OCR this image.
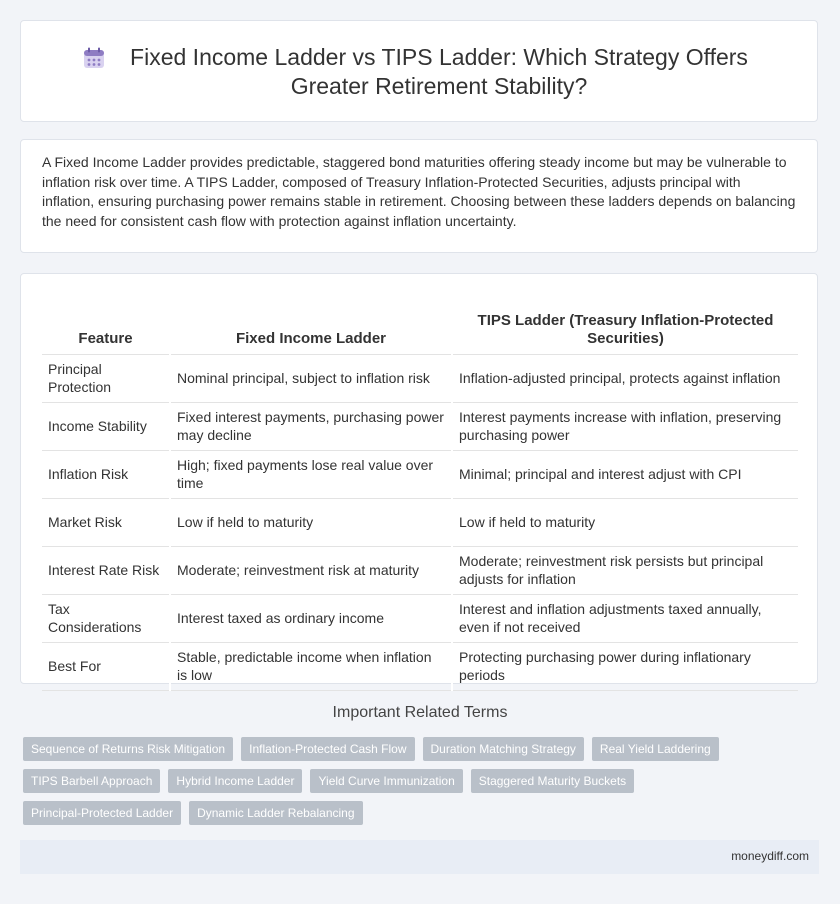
Fixed Income Ladder vs TIPS Ladder: Which Strategy Offers Greater Retirement Stability?

A Fixed Income Ladder provides predictable, staggered bond maturities offering steady income but may be vulnerable to inflation risk over time. A TIPS Ladder, composed of Treasury Inflation-Protected Securities, adjusts principal with inflation, ensuring purchasing power remains stable in retirement. Choosing between these ladders depends on balancing the need for consistent cash flow with protection against inflation uncertainty.

Feature	Fixed Income Ladder	TIPS Ladder (Treasury Inflation-Protected Securities)
Principal Protection	Nominal principal, subject to inflation risk	Inflation-adjusted principal, protects against inflation
Income Stability	Fixed interest payments, purchasing power may decline	Interest payments increase with inflation, preserving purchasing power
Inflation Risk	High; fixed payments lose real value over time	Minimal; principal and interest adjust with CPI
Market Risk	Low if held to maturity	Low if held to maturity
Interest Rate Risk	Moderate; reinvestment risk at maturity	Moderate; reinvestment risk persists but principal adjusts for inflation
Tax Considerations	Interest taxed as ordinary income	Interest and inflation adjustments taxed annually, even if not received
Best For	Stable, predictable income when inflation is low	Protecting purchasing power during inflationary periods
Important Related Terms
Sequence of Returns Risk Mitigation	Inflation-Protected Cash Flow	Duration Matching Strategy	Real Yield Laddering
TIPS Barbell Approach	Hybrid Income Ladder	Yield Curve Immunization	Staggered Maturity Buckets
Principal-Protected Ladder	Dynamic Ladder Rebalancing
moneydiff.com
